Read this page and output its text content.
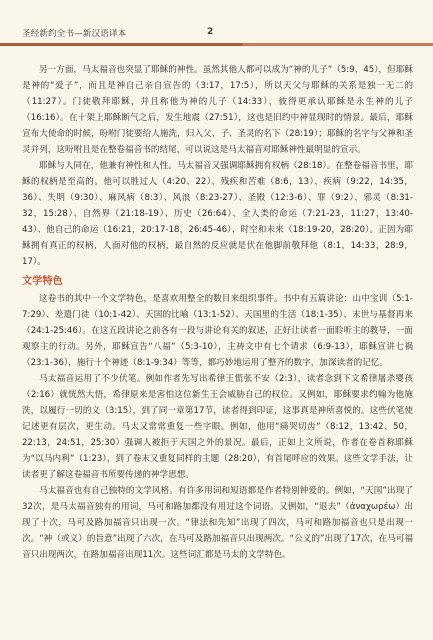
圣经新约全书—新汉语译本	2

另一方面，马太福音也突显了耶稣的神性。虽然其他人都可以成为“神的儿子”（5:9、45），但耶稣是神的“爱子”，而且是神自己亲自宣告的（3:17，17:5），所以天父与耶稣的关系是独一无二的（11:27）。门徒敬拜耶稣，并且称他为神的儿子（14:33），彼得更承认耶稣是永生神的儿子（16:16）。在十架上耶稣断气之后，发生地震（27:51），这也是旧约中神显现时的情景。最后，耶稣宣布大使命的时候，吩咐门徒要给人施洗，归入父、子、圣灵的名下（28:19）；耶稣的名字与父神和圣灵并列，这吩咐且是在整卷福音书的结尾，可以说这是马太福音对耶稣神性最明显的宣示。

耶稣与人同在，他兼有神性和人性。马太福音又强调耶稣拥有权柄（28:18）。在整卷福音书里，耶稣的权柄是至高的。他可以胜过人（4:20、22）、残疾和苦难（8:6，13）、疾病（9:22，14:35，36）、失明（9:30）、麻风病（8:3）、风浪（8:23-27）、圣殿（12:3-6）、罪（9:2）、邪灵（8:31-32，15:28）、自然界（21:18-19）、历史（26:64）、全人类的命运（7:21-23，11:27，13:40-43）、他自己的命运（16:21，20:17-18，26:45-46）、时空和未来（18:19-20，28:20）。正因为耶稣拥有真正的权柄，人面对他的权柄，最自然的反应就是伏在他脚前敬拜他（8:1，14:33，28:9，17）。

文学特色

这卷书的其中一个文学特色，是喜欢用整全的数目来组织事件。书中有五篇讲论：山中宝训（5:1-7:29）、差遣门徒（10:1-42）、天国的比喻（13:1-52）、天国里的生活（18:1-35）、末世与基督再来（24:1-25:46）。在这五段讲论之前各有一段与讲论有关的叙述，正好让读者一面聆听主的教导，一面观察主的行动。另外，耶稣宣告“八福”（5:3-10），主祷文中有七个请求（6:9-13），耶稣宣讲七祸（23:1-36），施行十个神迹（8:1-9:34）等等，都巧妙地运用了整齐的数字，加深读者的记忆。

马太福音运用了不少伏笔。例如作者先写出希律王慌张不安（2:3），读者念到下文希律屠杀婴孩（2:16）就恍然大悟，希律原来是害怕这位新生王会威胁自己的权位。又例如，耶稣要求约翰为他施洗，以履行一切的义（3:15），到了同一章第17节，读者得到印证，这事真是神所喜悦的。这些伏笔使记述更有层次，更生动。马太又常常重复一些字眼。例如，他用“痛哭切齿”（8:12，13:42、50，22:13，24:51，25:30）强调人被拒于天国之外的景况。最后，正如上文所说，作者在卷首称耶稣为“以马内利”（1:23），到了卷末又重复同样的主题（28:20），有首尾呼应的效果。这些文学手法，让读者更了解这卷福音书所要传递的神学思想。

马太福音也有自己独特的文学风格。有许多用词和短语都是作者特别钟爱的。例如，“天国”出现了32次，是马太福音独有的用词，马可和路加都没有用过这个词语。又例如，“退去”（ἀναχωρέω）出现了十次，马可及路加福音只出现一次。“律法和先知”出现了四次，马可和路加福音也只是出现一次。“神（或义）的旨意”出现了六次，在马可及路加福音只出现两次。“公义的”出现了17次，在马可福音只出现两次，在路加福音出现11次。这些词汇都是马太的文学特色。
